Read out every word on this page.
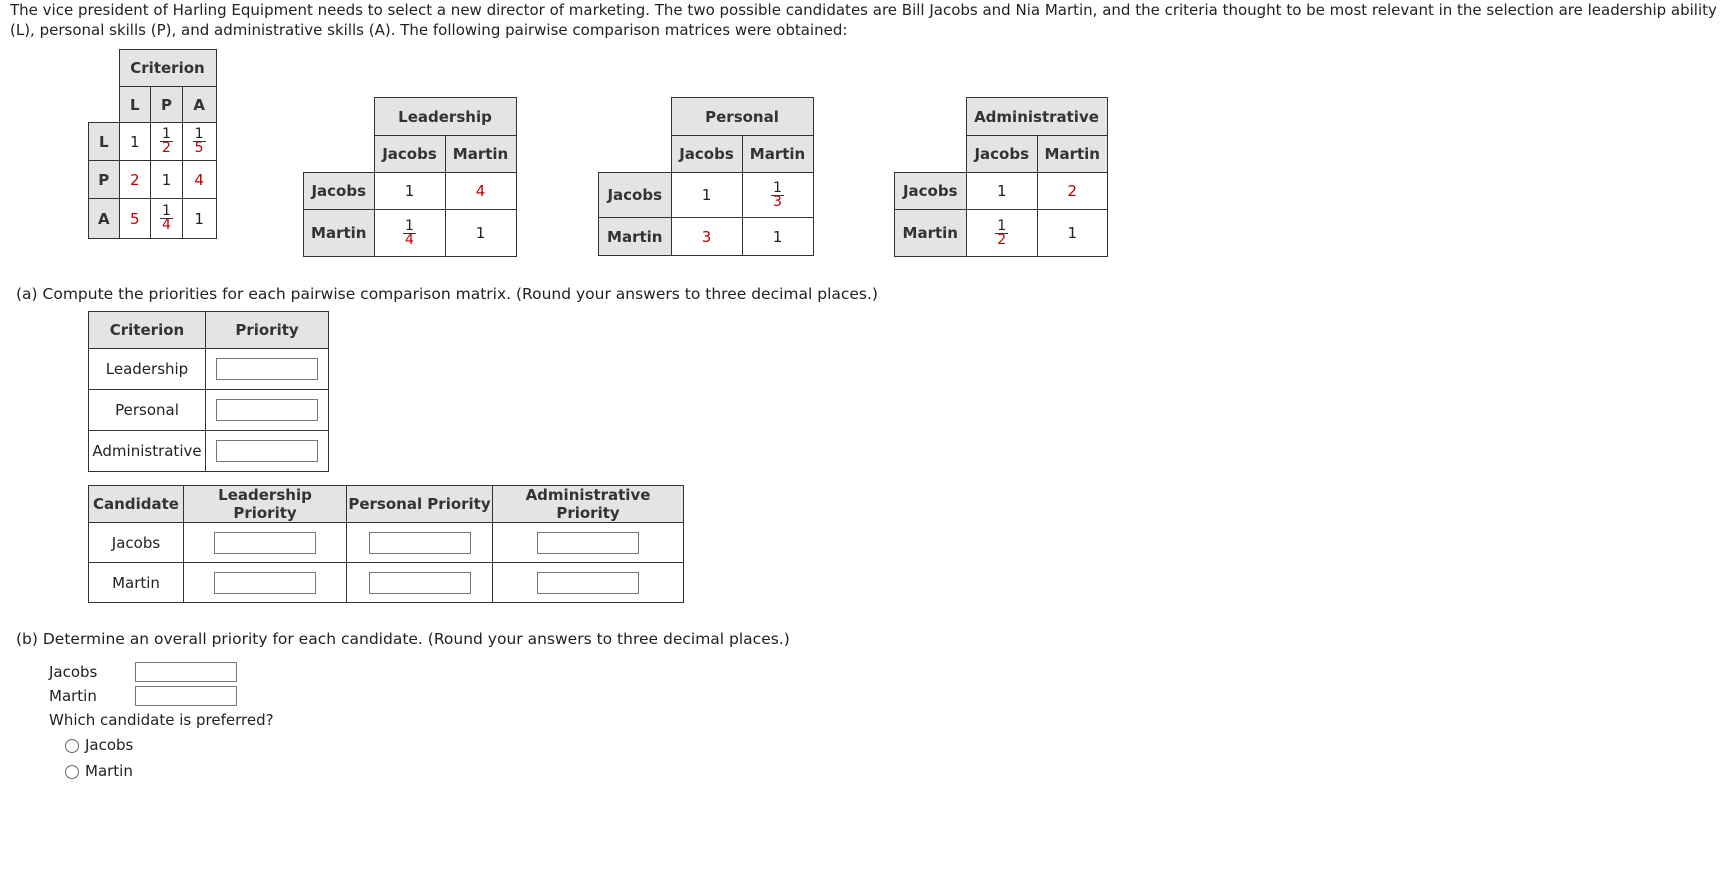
The vice president of Harling Equipment needs to select a new director of marketing. The two possible candidates are Bill Jacobs and Nia Martin, and the criteria thought to be most relevant in the selection are leadership ability (L), personal skills (P), and administrative skills (A). The following pairwise comparison matrices were obtained:
	Criterion		
	L	P	A
L	1	$\frac{1}{2}$	$\frac{1}{5}$

P	2	1	4
A	5	$\frac{1}{4}$	1
	Leadership	
	Jacobs	Martin
Jacobs	1	4
Martin	$\frac{1}{4}$	1
	Personal	
	Jacobs	Martin
Jacobs	1	$\frac{1}{3}$

Martin	3	1
	Administrative	
	Jacobs	Martin
Jacobs	1	2
Martin	$\frac{1}{2}$	1
(a) Compute the priorities for each pairwise comparison matrix. (Round your answers to three decimal places.)
Criterion	Priority
Leadership	
Personal	
Administrative	
Candidate	Leadership Priority	Personal Priority	Administrative Priority
Jacobs			
Martin			
(b) Determine an overall priority for each candidate. (Round your answers to three decimal places.)
Jacobs
Martin
Which candidate is preferred?
Jacobs
Martin
